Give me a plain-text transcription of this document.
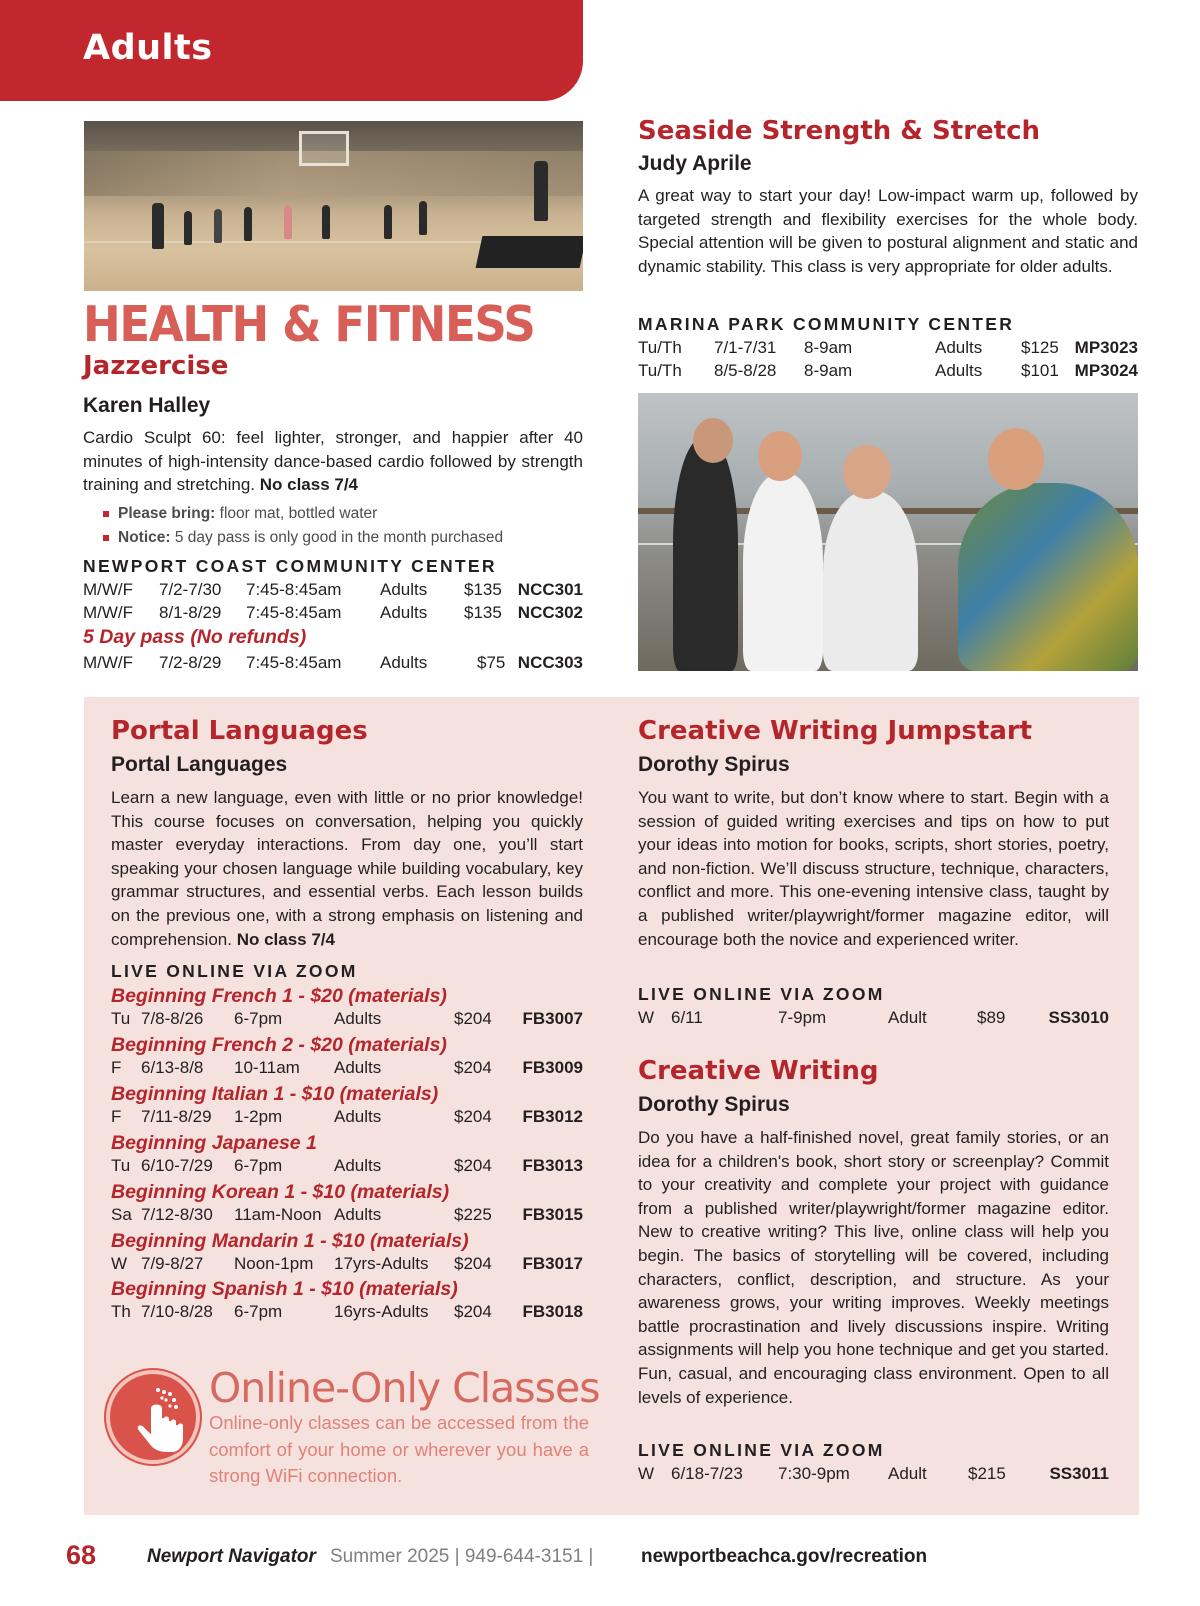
Adults
HEALTH & FITNESS
Jazzercise
Karen Halley
Cardio Sculpt 60: feel lighter, stronger, and happier after 40 minutes of high-intensity dance-based cardio followed by strength training and stretching. No class 7/4
Please bring: floor mat, bottled water
Notice: 5 day pass is only good in the month purchased
NEWPORT COAST COMMUNITY CENTER
M/W/F 7/2-7/30 7:45-8:45am Adults $135 NCC301
M/W/F 8/1-8/29 7:45-8:45am Adults $135 NCC302
5 Day pass (No refunds)
M/W/F 7/2-8/29 7:45-8:45am Adults	$75 NCC303
Seaside Strength & Stretch
Judy Aprile
A great way to start your day! Low-impact warm up, followed by targeted strength and flexibility exercises for the whole body. Special attention will be given to postural alignment and static and dynamic stability. This class is very appropriate for older adults.
MARINA PARK COMMUNITY CENTER
Tu/Th 7/1-7/31 8-9am	Adults $125 MP3023
Tu/Th 8/5-8/28 8-9am	Adults $101 MP3024
Portal Languages
Portal Languages
Learn a new language, even with little or no prior knowledge! This course focuses on conversation, helping you quickly master everyday interactions. From day one, you’ll start speaking your chosen language while building vocabulary, key grammar structures, and essential verbs. Each lesson builds on the previous one, with a strong emphasis on listening and comprehension. No class 7/4
LIVE ONLINE VIA ZOOM
Beginning French 1 - $20 (materials)
Tu 7/8-8/26 6-7pm	Adults	$204 FB3007
Beginning French 2 - $20 (materials)
F 6/13-8/8 10-11am Adults	$204 FB3009
Beginning Italian 1 - $10 (materials)
F 7/11-8/29 1-2pm	Adults	$204 FB3012
Beginning Japanese 1
Tu 6/10-7/29 6-7pm	Adults	$204 FB3013
Beginning Korean 1 - $10 (materials)
Sa 7/12-8/30 11am-Noon Adults	$225 FB3015
Beginning Mandarin 1 - $10 (materials)
W 7/9-8/27 Noon-1pm 17yrs-Adults $204 FB3017
Beginning Spanish 1 - $10 (materials)
Th 7/10-8/28 6-7pm	16yrs-Adults $204 FB3018
Online-Only Classes
Online-only classes can be accessed from the comfort of your home or wherever you have a strong WiFi connection.
Creative Writing Jumpstart
Dorothy Spirus
You want to write, but don’t know where to start. Begin with a session of guided writing exercises and tips on how to put your ideas into motion for books, scripts, short stories, poetry, and non-fiction. We’ll discuss structure, technique, characters, conflict and more. This one-evening intensive class, taught by a published writer/playwright/former magazine editor, will encourage both the novice and experienced writer.
LIVE ONLINE VIA ZOOM
W 6/11	7-9pm	Adult	$89	SS3010
Creative Writing
Dorothy Spirus
Do you have a half-finished novel, great family stories, or an idea for a children's book, short story or screenplay? Commit to your creativity and complete your project with guidance from a published writer/playwright/former magazine editor. New to creative writing? This live, online class will help you begin. The basics of storytelling will be covered, including characters, conflict, description, and structure. As your awareness grows, your writing improves. Weekly meetings battle procrastination and lively discussions inspire. Writing assignments will help you hone technique and get you started. Fun, casual, and encouraging class environment. Open to all levels of experience.
LIVE ONLINE VIA ZOOM
W 6/18-7/23 7:30-9pm Adult $215	SS3011
68	Newport Navigator Summer 2025 | 949-644-3151 |	newportbeachca.gov/recreation
